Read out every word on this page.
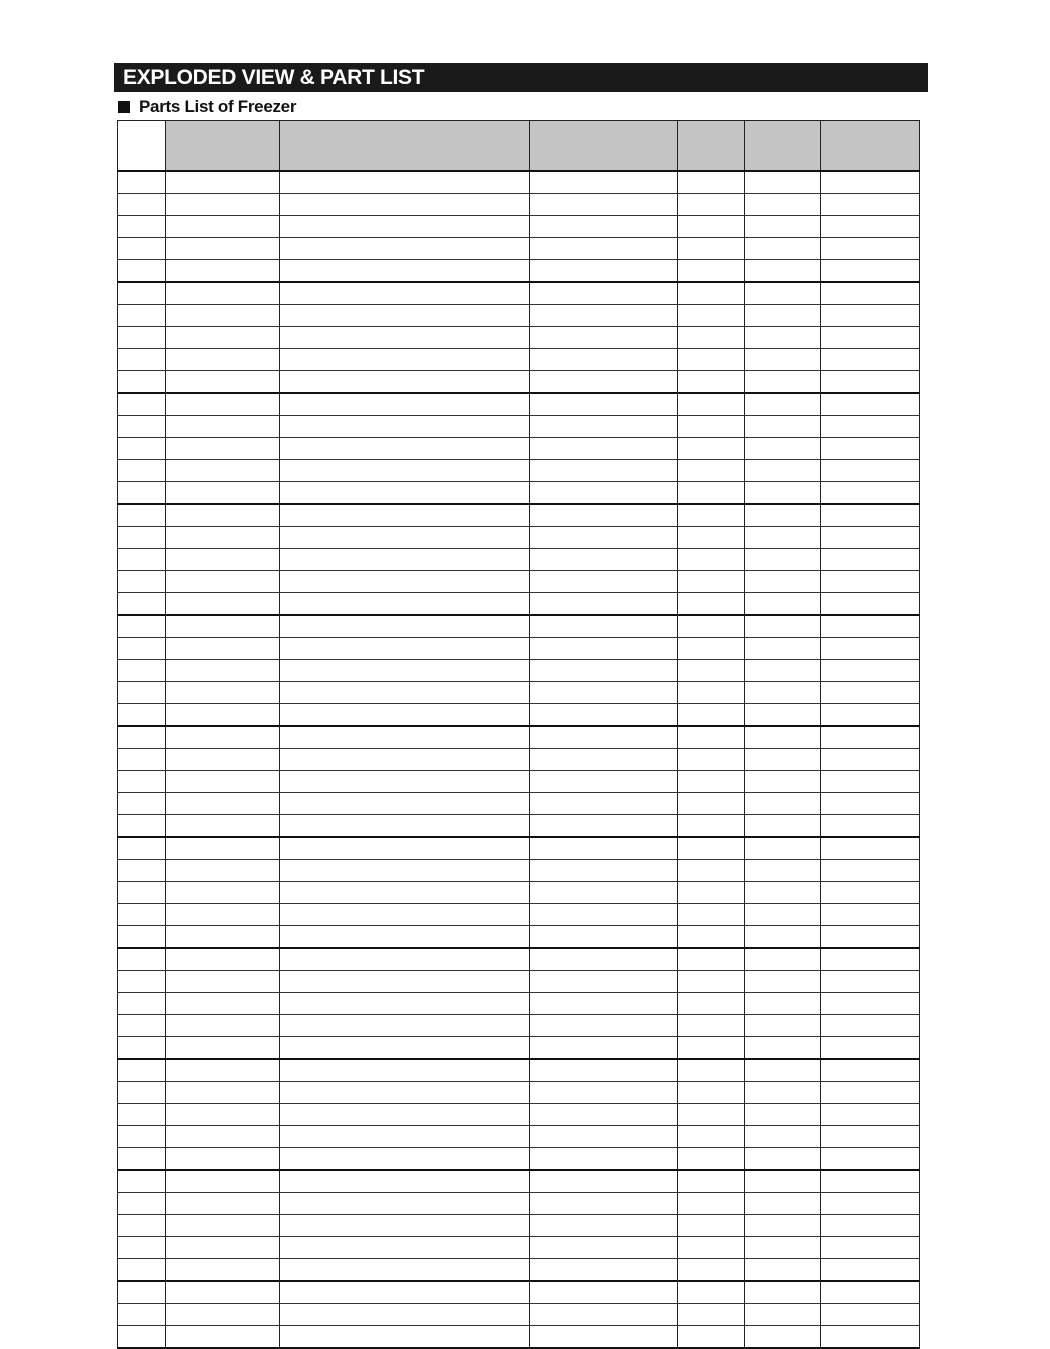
EXPLODED VIEW & PART LIST
Parts List of Freezer
